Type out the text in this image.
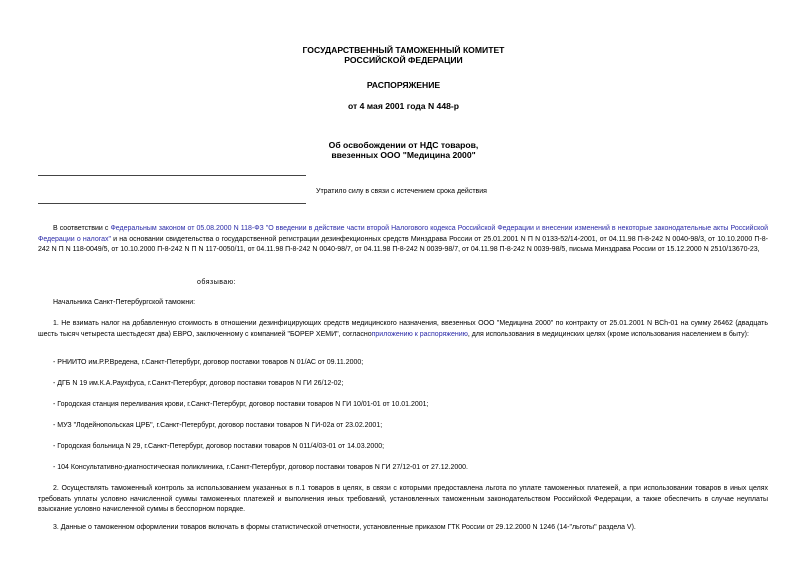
ГОСУДАРСТВЕННЫЙ ТАМОЖЕННЫЙ КОМИТЕТ
РОССИЙСКОЙ ФЕДЕРАЦИИ
РАСПОРЯЖЕНИЕ
от 4 мая 2001 года N 448-р
Об освобождении от НДС товаров,
ввезенных ООО "Медицина 2000"
Утратило силу в связи с истечением срока действия

В соответствии с Федеральным законом от 05.08.2000 N 118-ФЗ "О введении в действие части второй Налогового кодекса Российской Федерации и внесении изменений в некоторые законодательные акты Российской Федерации о налогах" и на основании свидетельства о государственной регистрации дезинфекционных средств Минздрава России от 25.01.2001 N П N 0133-52/14-2001, от 04.11.98 П-8-242 N 0040-98/3, от 10.10.2000 П-8-242 N П N 118-0049/5, от 10.10.2000 П-8-242 N П N 117-0050/11, от 04.11.98 П-8-242 N 0040-98/7, от 04.11.98 П-8-242 N 0039-98/7, от 04.11.98 П-8-242 N 0039-98/5, письма Минздрава России от 15.12.2000 N 2510/13670-23,

обязываю:
Начальника Санкт-Петербургской таможни:

1. Не взимать налог на добавленную стоимость в отношении дезинфицирующих средств медицинского назначения, ввезенных ООО "Медицина 2000" по контракту от 25.01.2001 N BCh-01 на сумму 26462 (двадцать шесть тысяч четыреста шестьдесят два) ЕВРО, заключенному с компанией "БОРЕР ХЕМИ", согласноприложению к распоряжению, для использования в медицинских целях (кроме использования населением в быту):

- РНИИТО им.Р.Р.Вредена, г.Санкт-Петербург, договор поставки товаров N 01/АС от 09.11.2000;
- ДГБ N 19 им.К.А.Раухфуса, г.Санкт-Петербург, договор поставки товаров N ГИ 26/12-02;
- Городская станция переливания крови, г.Санкт-Петербург, договор поставки товаров N ГИ 10/01-01 от 10.01.2001;
- МУЗ "Лодейнопольская ЦРБ", г.Санкт-Петербург, договор поставки товаров N ГИ-02а от 23.02.2001;
- Городская больница N 29, г.Санкт-Петербург, договор поставки товаров N 011/4/03-01 от 14.03.2000;
- 104 Консультативно-диагностическая поликлиника, г.Санкт-Петербург, договор поставки товаров N ГИ 27/12-01 от 27.12.2000.

2. Осуществлять таможенный контроль за использованием указанных в п.1 товаров в целях, в связи с которыми предоставлена льгота по уплате таможенных платежей, а при использовании товаров в иных целях требовать уплаты условно начисленной суммы таможенных платежей и выполнения иных требований, установленных таможенным законодательством Российской Федерации, а также обеспечить в случае неуплаты взыскание условно начисленной суммы в бесспорном порядке.

3. Данные о таможенном оформлении товаров включать в формы статистической отчетности, установленные приказом ГТК России от 29.12.2000 N 1246 (14-"льготы" раздела V).
